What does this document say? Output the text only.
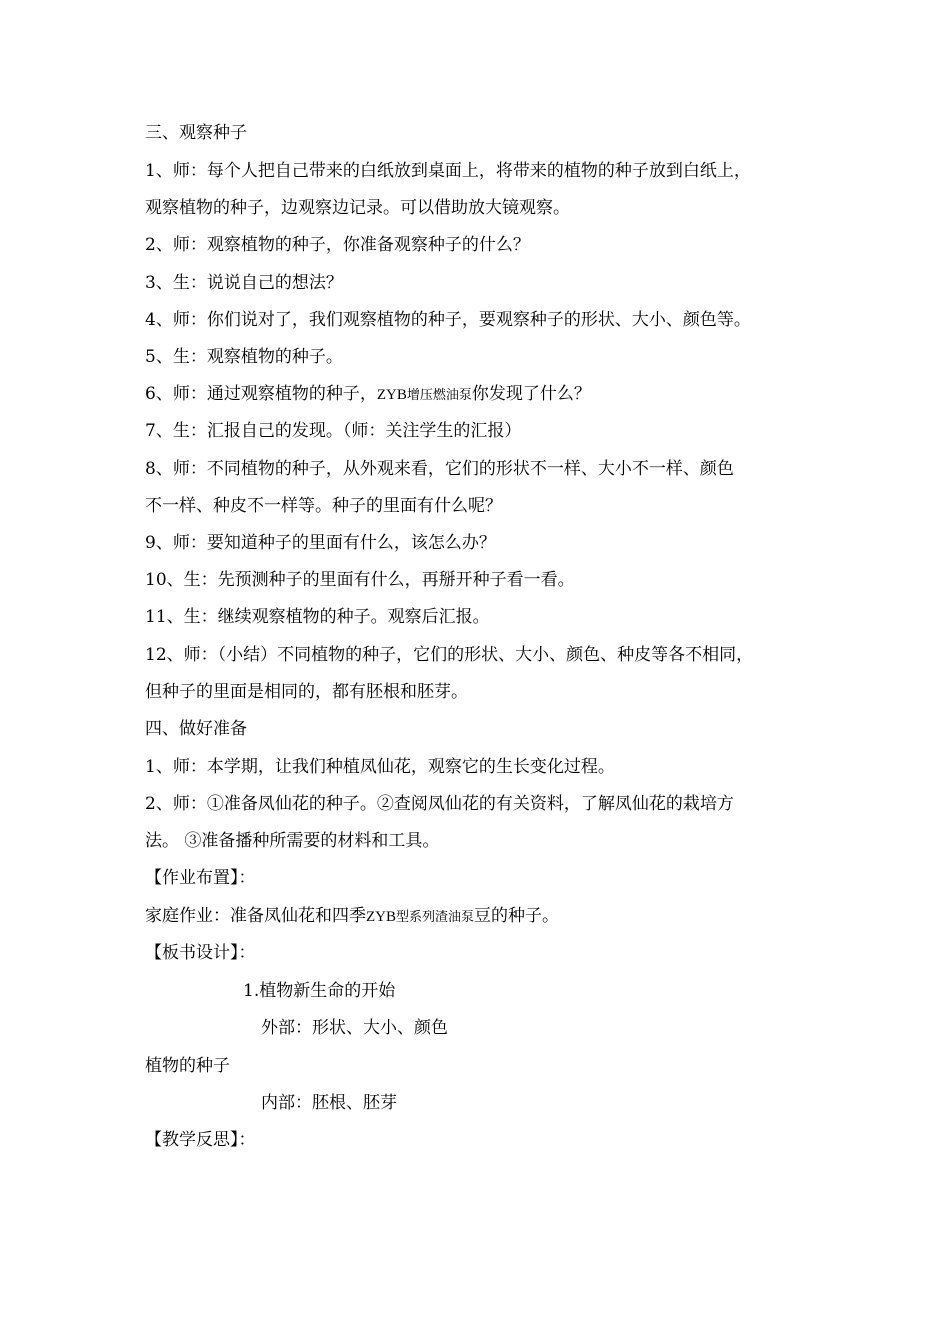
三、观察种子
1、师：每个人把自己带来的白纸放到桌面上，将带来的植物的种子放到白纸上，
观察植物的种子，边观察边记录。可以借助放大镜观察。
2、师：观察植物的种子，你准备观察种子的什么？
3、生：说说自己的想法？
4、师：你们说对了，我们观察植物的种子，要观察种子的形状、大小、颜色等。
5、生：观察植物的种子。
6、师：通过观察植物的种子，ZYB增压燃油泵你发现了什么？
7、生：汇报自己的发现。（师：关注学生的汇报）
8、师：不同植物的种子，从外观来看，它们的形状不一样、大小不一样、颜色
不一样、种皮不一样等。种子的里面有什么呢？
9、师：要知道种子的里面有什么，该怎么办？
10、生：先预测种子的里面有什么，再掰开种子看一看。
11、生：继续观察植物的种子。观察后汇报。
12、师：（小结）不同植物的种子，它们的形状、大小、颜色、种皮等各不相同，
但种子的里面是相同的，都有胚根和胚芽。
四、做好准备
1、师：本学期，让我们种植凤仙花，观察它的生长变化过程。
2、师：①准备凤仙花的种子。②查阅凤仙花的有关资料，了解凤仙花的栽培方
法。 ③准备播种所需要的材料和工具。
【作业布置】：
家庭作业：准备凤仙花和四季ZYB型系列渣油泵豆的种子。
【板书设计】：
1.植物新生命的开始
外部：形状、大小、颜色
植物的种子
内部：胚根、胚芽
【教学反思】：
